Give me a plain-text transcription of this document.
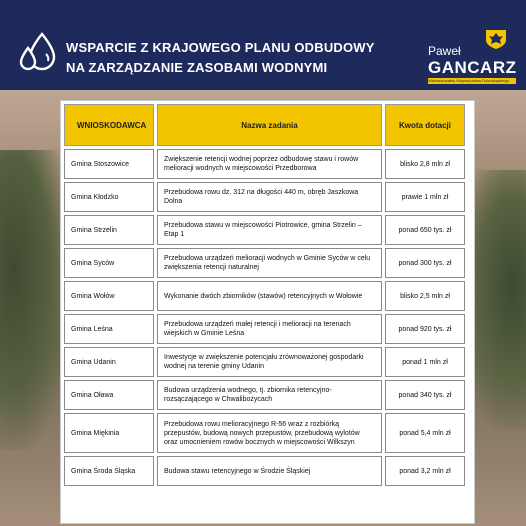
WSPARCIE Z KRAJOWEGO PLANU ODBUDOWY
NA ZARZĄDZANIE ZASOBAMI WODNYMI
Paweł
GANCARZ
Wicemarszałek Województwa Dolnośląskiego
WNIOSKODAWCA	Nazwa zadania	Kwota dotacji
Gmina Stoszowice	Zwiększenie retencji wodnej poprzez odbudowę stawu i rowów melioracji wodnych w miejscowości Przedborowa	blisko 2,8 mln zł
Gmina Kłodzko	Przebudowa rowu dz. 312 na długości 440 m, obręb Jaszkowa Dolna	prawie 1 mln zł
Gmina Strzelin	Przebudowa stawu w miejscowości Piotrowice, gmina Strzelin – Etap 1	ponad 650 tys. zł
Gmina Syców	Przebudowa urządzeń melioracji wodnych w Gminie Syców w celu zwiększenia retencji naturalnej	ponad 300 tys. zł
Gmina Wołów	Wykonanie dwóch zbiorników (stawów) retencyjnych w Wołowie	blisko 2,5 mln zł
Gmina Leśna	Przebudowa urządzeń małej retencji i melioracji na terenach wiejskich w Gminie Leśna	ponad 920 tys. zł
Gmina Udanin	Inwestycje w zwiększenie potencjału zrównoważonej gospodarki wodnej na terenie gminy Udanin	ponad 1 mln zł
Gmina Oława	Budowa urządzenia wodnego, tj. zbiornika retencyjno-rozsączającego w Chwalibożycach	ponad 340 tys. zł
Gmina Miękinia	Przebudowa rowu melioracyjnego R-56 wraz z rozbiórką przepustów, budową nowych przepustów, przebudową wylotów oraz umocnieniem rowów bocznych w miejscowości Wilkszyn	ponad 5,4 mln zł
Gmina Środa Śląska	Budowa stawu retencyjnego w Środzie Śląskiej	ponad 3,2 mln zł
